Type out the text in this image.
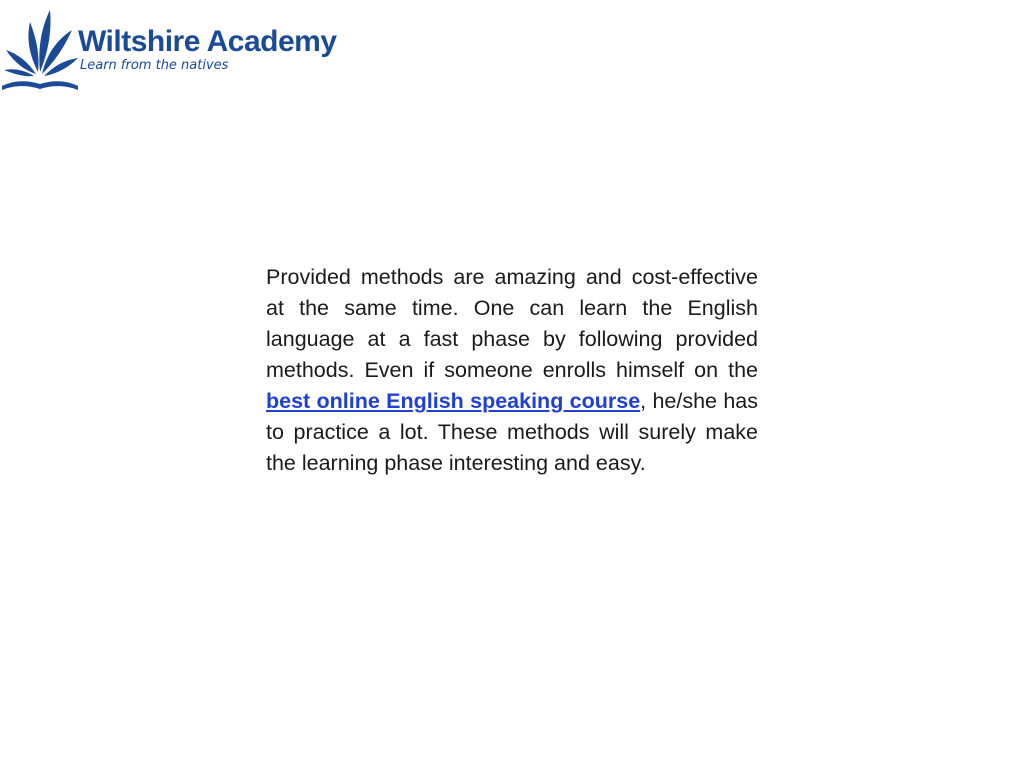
Wiltshire Academy
Learn from the natives

Provided methods are amazing and cost-effective at the same time. One can learn the English language at a fast phase by following provided methods. Even if someone enrolls himself on the best online English speaking course, he/she has to practice a lot. These methods will surely make the learning phase interesting and easy.
